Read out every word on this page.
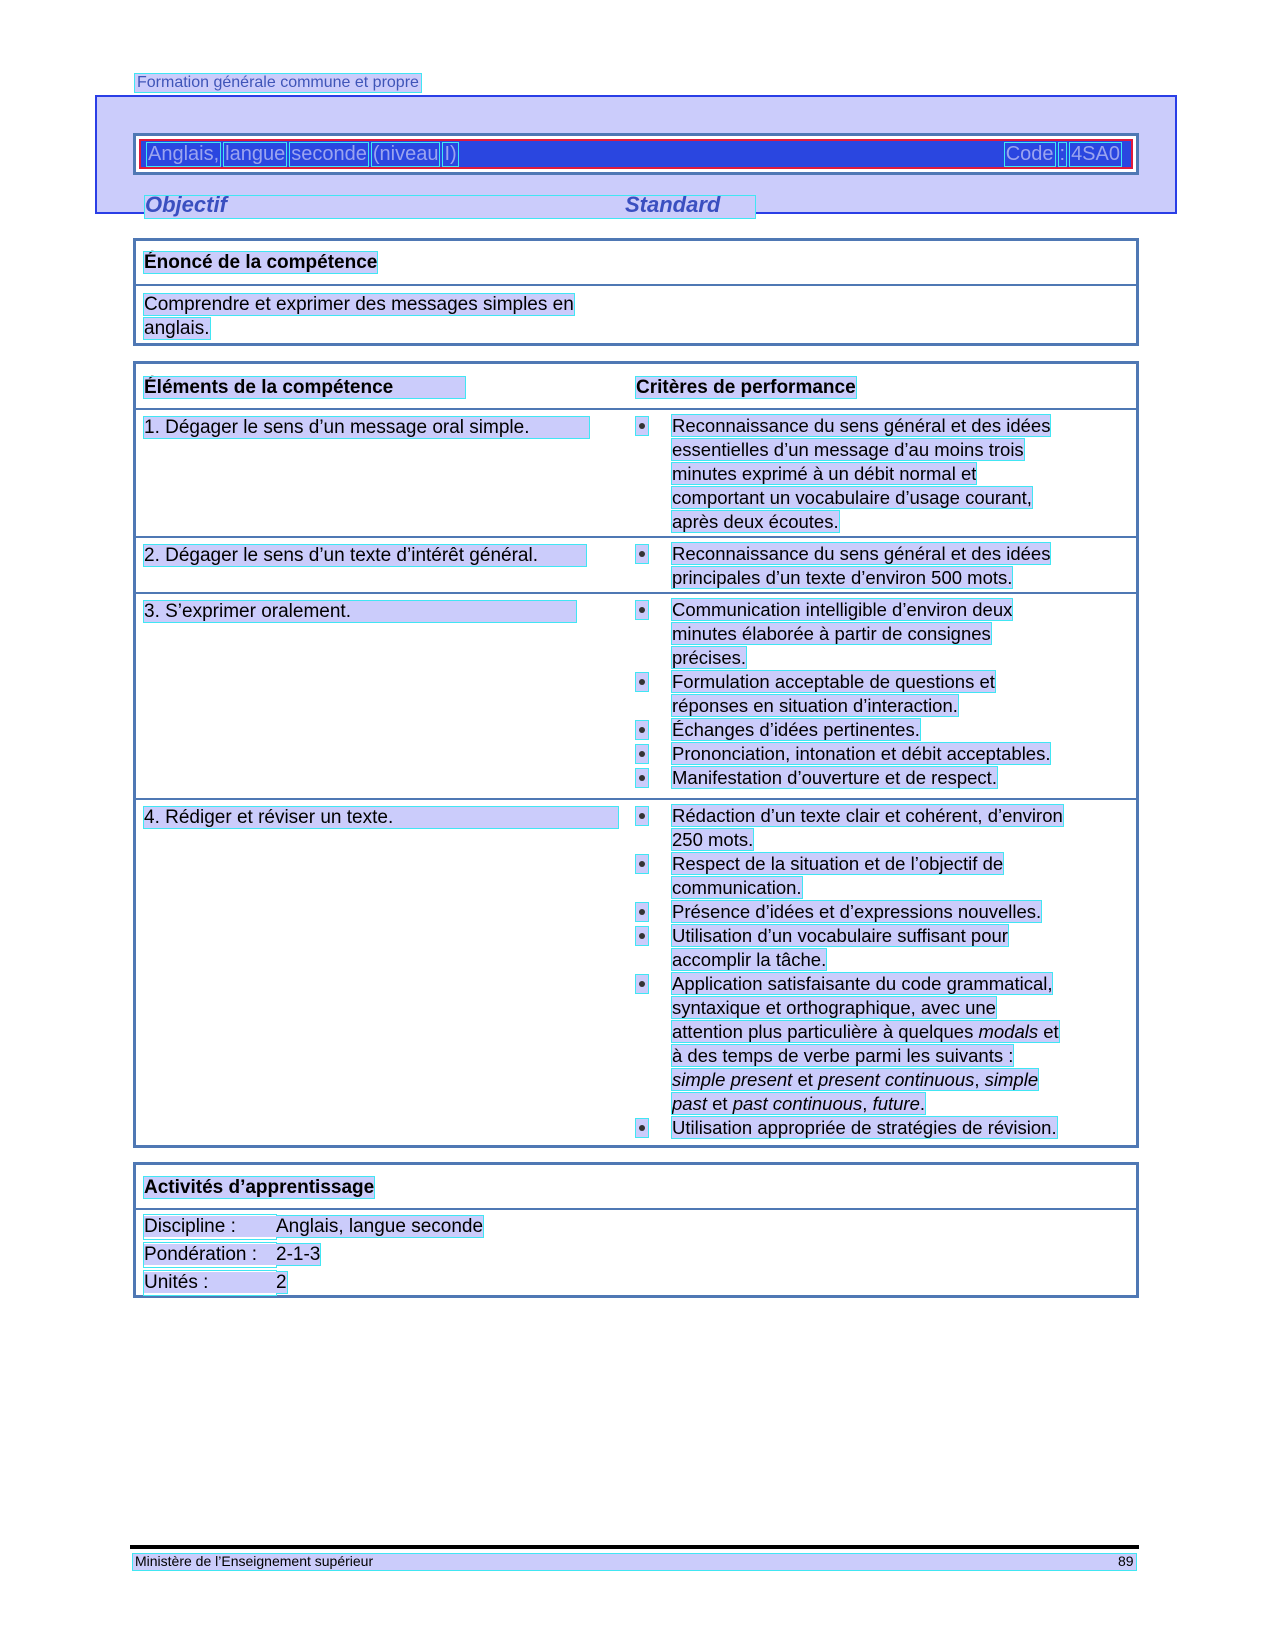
Formation générale commune et propre
Anglais, langue seconde (niveau I)	Code : 4SA0
Objectif	Standard
Énoncé de la compétence
Comprendre et exprimer des messages simples en
anglais.
Éléments de la compétence	Critères de performance
1. Dégager le sens d’un message oral simple.	Reconnaissance du sens général et des idées
essentielles d’un message d’au moins trois
minutes exprimé à un débit normal et
comportant un vocabulaire d’usage courant,
après deux écoutes.
2. Dégager le sens d’un texte d’intérêt général.	Reconnaissance du sens général et des idées
principales d’un texte d’environ 500 mots.
3. S’exprimer oralement.	Communication intelligible d’environ deux
minutes élaborée à partir de consignes
précises.
Formulation acceptable de questions et
réponses en situation d’interaction.
Échanges d’idées pertinentes.
Prononciation, intonation et débit acceptables.
Manifestation d’ouverture et de respect.
4. Rédiger et réviser un texte.	Rédaction d’un texte clair et cohérent, d’environ
250 mots.
Respect de la situation et de l’objectif de
communication.
Présence d’idées et d’expressions nouvelles.
Utilisation d’un vocabulaire suffisant pour
accomplir la tâche.
Application satisfaisante du code grammatical,
syntaxique et orthographique, avec une
attention plus particulière à quelques modals et
à des temps de verbe parmi les suivants :
simple present et present continuous, simple
past et past continuous, future.
Utilisation appropriée de stratégies de révision.
Activités d’apprentissage
Discipline : Anglais, langue seconde
Pondération : 2-1-3
Unités :	2
Ministère de l’Enseignement supérieur	89
